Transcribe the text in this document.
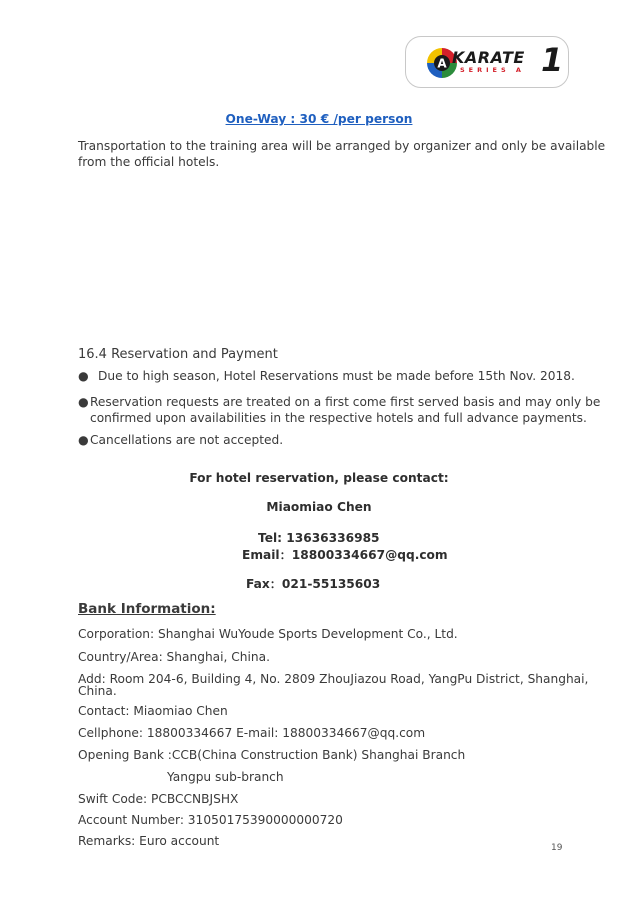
A KARATE
SERIES A 1
One-Way : 30 € /per person
Transportation to the training area will be arranged by organizer and only be available
from the official hotels.
16.4 Reservation and Payment
● Due to high season, Hotel Reservations must be made before 15th Nov. 2018.
● Reservation requests are treated on a first come first served basis and may only be
confirmed upon availabilities in the respective hotels and full advance payments.
● Cancellations are not accepted.
For hotel reservation, please contact:
Miaomiao Chen
Tel: 13636336985
Email：18800334667@qq.com
Fax：021-55135603
Bank Information:
Corporation: Shanghai WuYoude Sports Development Co., Ltd.
Country/Area: Shanghai, China.
Add: Room 204-6, Building 4, No. 2809 ZhouJiazou Road, YangPu District, Shanghai,
China.
Contact: Miaomiao Chen
Cellphone: 18800334667 E-mail: 18800334667@qq.com
Opening Bank :CCB(China Construction Bank) Shanghai Branch
Yangpu sub-branch
Swift Code: PCBCCNBJSHX
Account Number: 31050175390000000720
Remarks: Euro account	19
